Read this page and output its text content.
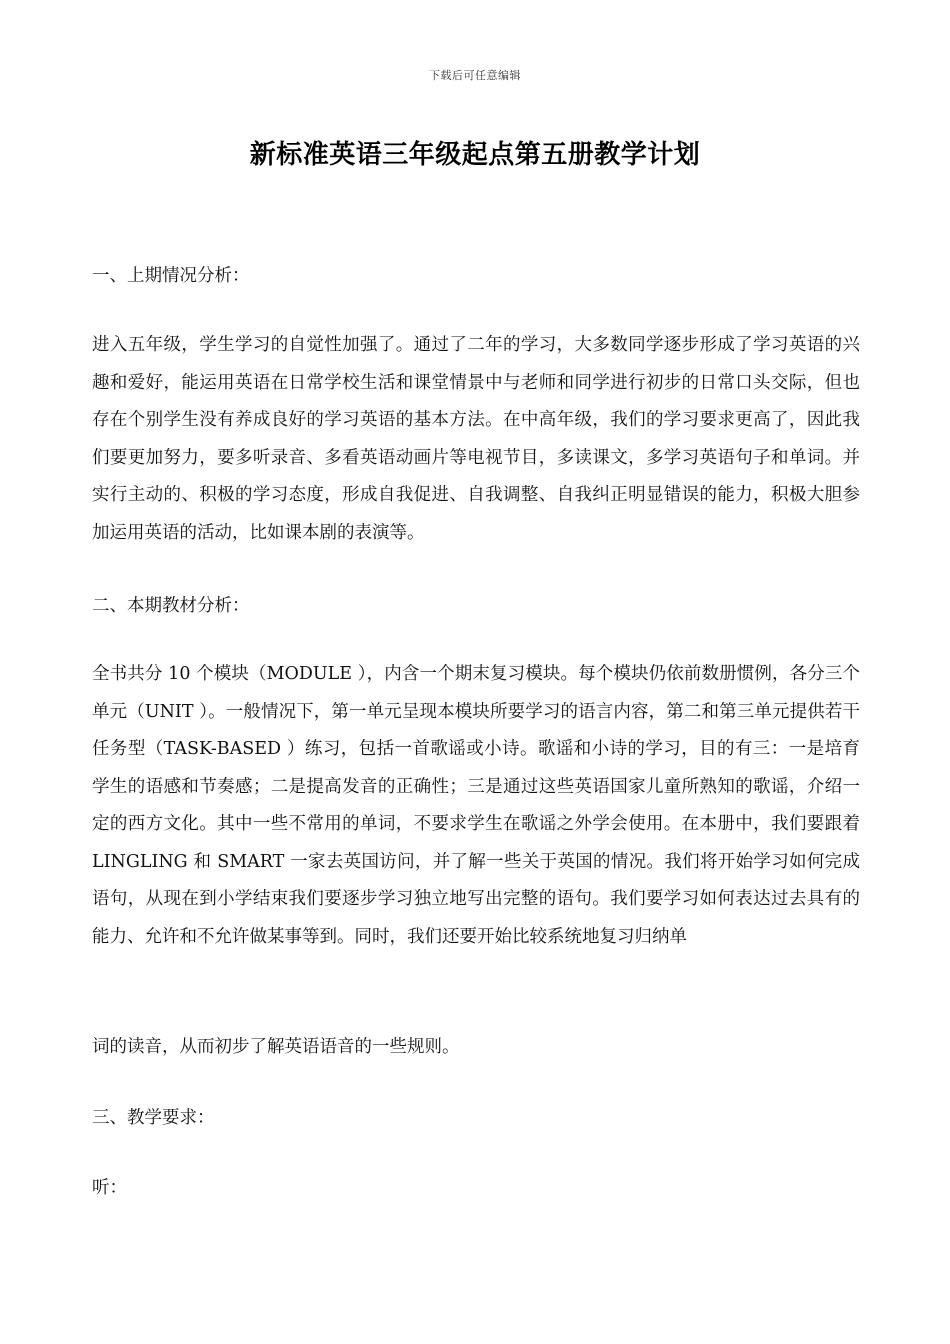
下载后可任意编辑
新标准英语三年级起点第五册教学计划

一、上期情况分析：

进入五年级，学生学习的自觉性加强了。通过了二年的学习，大多数同学逐步形成了学习英语的兴趣和爱好，能运用英语在日常学校生活和课堂情景中与老师和同学进行初步的日常口头交际，但也存在个别学生没有养成良好的学习英语的基本方法。在中高年级，我们的学习要求更高了，因此我们要更加努力，要多听录音、多看英语动画片等电视节目，多读课文，多学习英语句子和单词。并实行主动的、积极的学习态度，形成自我促进、自我调整、自我纠正明显错误的能力，积极大胆参加运用英语的活动，比如课本剧的表演等。

二、本期教材分析：

全书共分 10 个模块（MODULE ），内含一个期末复习模块。每个模块仍依前数册惯例，各分三个单元（UNIT ）。一般情况下，第一单元呈现本模块所要学习的语言内容，第二和第三单元提供若干任务型（TASK-BASED ）练习，包括一首歌谣或小诗。歌谣和小诗的学习，目的有三：一是培育学生的语感和节奏感；二是提高发音的正确性；三是通过这些英语国家儿童所熟知的歌谣，介绍一定的西方文化。其中一些不常用的单词，不要求学生在歌谣之外学会使用。在本册中，我们要跟着 LINGLING 和 SMART 一家去英国访问，并了解一些关于英国的情况。我们将开始学习如何完成语句，从现在到小学结束我们要逐步学习独立地写出完整的语句。我们要学习如何表达过去具有的能力、允许和不允许做某事等到。同时，我们还要开始比较系统地复习归纳单

词的读音，从而初步了解英语语音的一些规则。

三、教学要求：

听：
